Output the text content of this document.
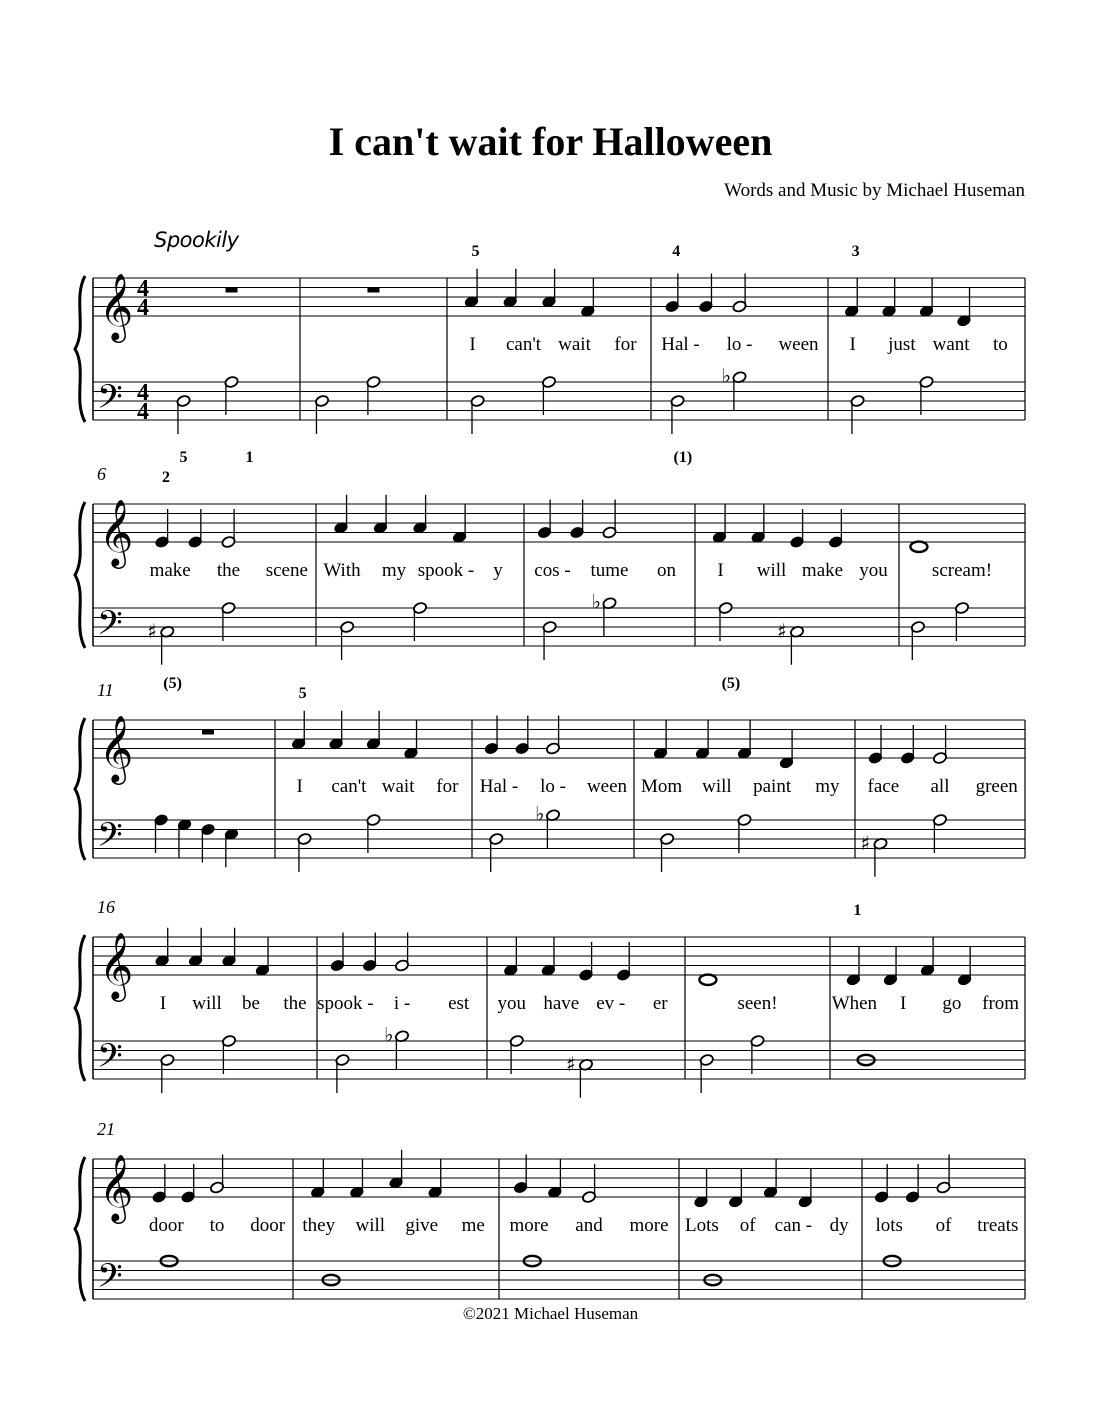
I can't wait for Halloween
Words and Music by Michael Huseman
Spookily
𝄞
𝄢
4
4
4
4
5	1
I can't wait for
5
♭
Hal - lo - ween
4
(1)
I just want to
3
𝄞
𝄢
6
♯
make the scene
2
(5)
With my spook - y
♭
cos - tume on
♯
I will make you
(5)
scream!
𝄞
𝄢
11
I can't wait for
5
♭
Hal - lo - ween Mom will paint my
♯
face all green
𝄞
𝄢
16
I will be the
♭
spook - i - est
♯
you have ev - er	seen!	When I go from
1
𝄞
𝄢
21
door to door they will give me more and more Lots of can - dy lots of treats
©2021 Michael Huseman
